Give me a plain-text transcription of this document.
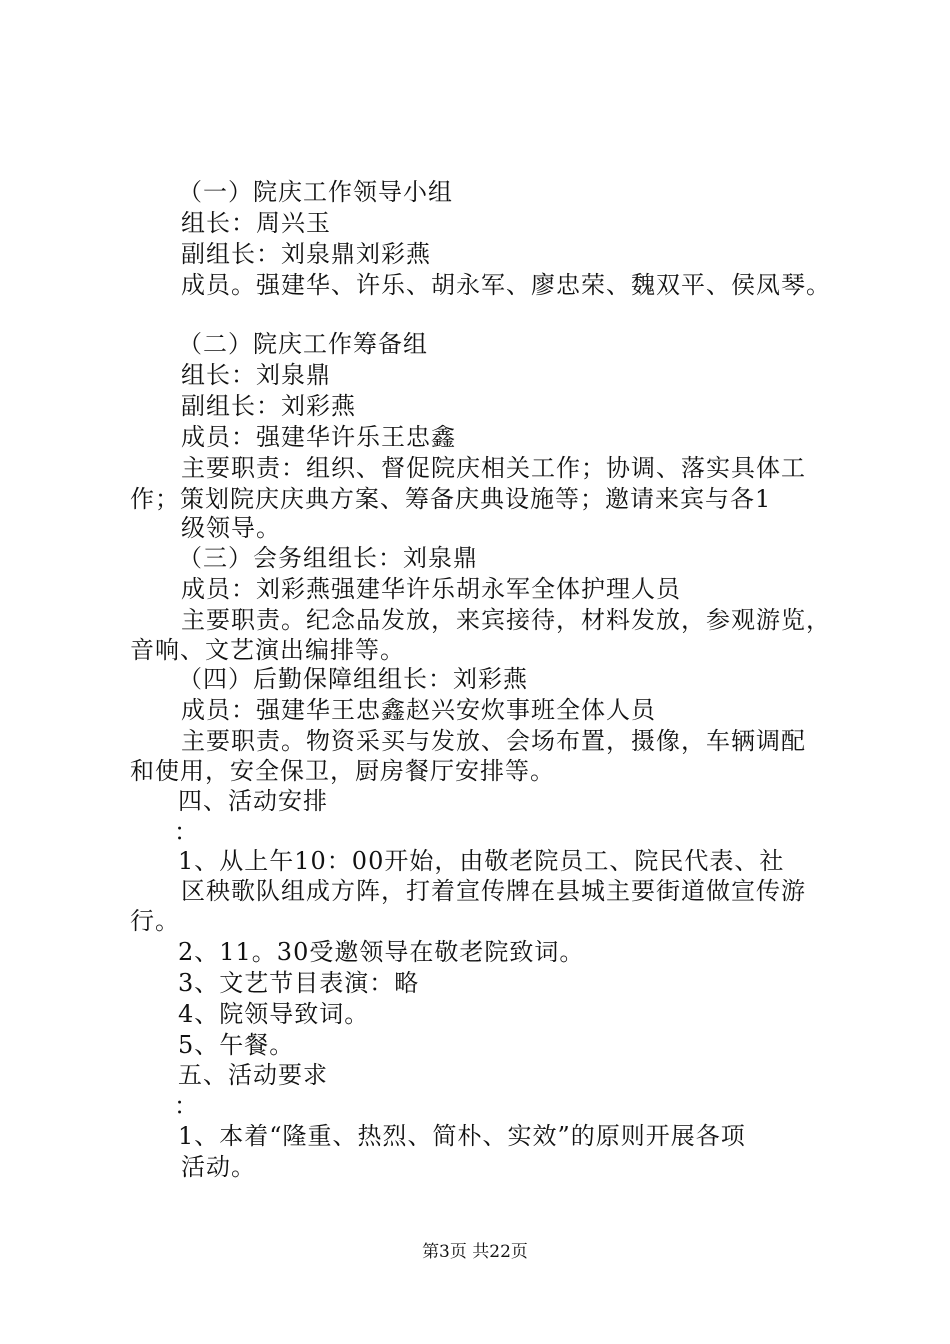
（一）院庆工作领导小组
组长：周兴玉
副组长：刘泉鼎刘彩燕
成员。强建华、许乐、胡永军、廖忠荣、魏双平、侯凤琴。
（二）院庆工作筹备组
组长：刘泉鼎
副组长：刘彩燕
成员：强建华许乐王忠鑫
主要职责：组织、督促院庆相关工作；协调、落实具体工
作；策划院庆庆典方案、筹备庆典设施等；邀请来宾与各1
级领导。
（三）会务组组长：刘泉鼎
成员：刘彩燕强建华许乐胡永军全体护理人员
主要职责。纪念品发放，来宾接待，材料发放，参观游览，
音响、文艺演出编排等。
（四）后勤保障组组长：刘彩燕
成员：强建华王忠鑫赵兴安炊事班全体人员
主要职责。物资采买与发放、会场布置，摄像，车辆调配
和使用，安全保卫，厨房餐厅安排等。
四、活动安排
：
1、从上午10：00开始，由敬老院员工、院民代表、社
区秧歌队组成方阵，打着宣传牌在县城主要街道做宣传游
行。
2、11。30受邀领导在敬老院致词。
3、文艺节目表演：略
4、院领导致词。
5、午餐。
五、活动要求
：
1、本着“隆重、热烈、简朴、实效”的原则开展各项
活动。
第3页 共22页
